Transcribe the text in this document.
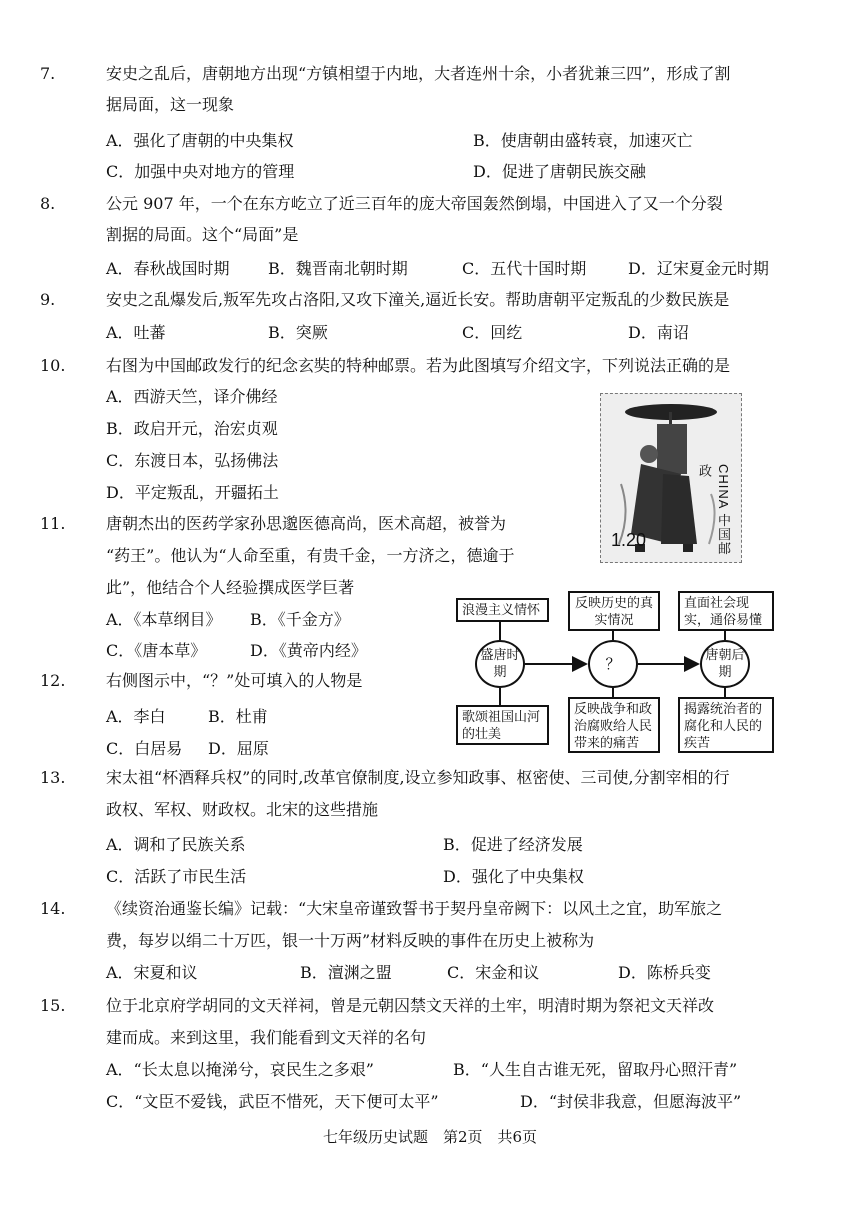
7.	安史之乱后，唐朝地方出现“方镇相望于内地，大者连州十余，小者犹兼三四”，形成了割
据局面，这一现象
A．强化了唐朝的中央集权	B．使唐朝由盛转衰，加速灭亡
C．加强中央对地方的管理	D．促进了唐朝民族交融
8.	公元 907 年，一个在东方屹立了近三百年的庞大帝国轰然倒塌，中国进入了又一个分裂
割据的局面。这个“局面”是
A．春秋战国时期 B．魏晋南北朝时期	C．五代十国时期	D．辽宋夏金元时期
9.	安史之乱爆发后,叛军先攻占洛阳,又攻下潼关,逼近长安。帮助唐朝平定叛乱的少数民族是
A．吐蕃	B．突厥	C．回纥	D．南诏
10.	右图为中国邮政发行的纪念玄奘的特种邮票。若为此图填写介绍文字，下列说法正确的是
A．西游天竺，译介佛经
B．政启开元，治宏贞观
C．东渡日本，弘扬佛法
D．平定叛乱，开疆拓土
1.20	CHINA 中国邮政
11.	唐朝杰出的医药学家孙思邈医德高尚，医术高超，被誉为
“药王”。他认为“人命至重，有贵千金，一方济之，德逾于
此”，他结合个人经验撰成医学巨著
A．《本草纲目》 B．《千金方》
C．《唐本草》	D．《黄帝内经》
12.	右侧图示中，“？”处可填入的人物是
A．李白	B．杜甫
C．白居易 D．屈原
浪漫主义情怀	反映历史的真实情况
直面社会现实，通俗易懂
盛唐时期	？	唐朝后期
歌颂祖国山河的壮美
反映战争和政治腐败给人民带来的痛苦
揭露统治者的腐化和人民的疾苦
13.	宋太祖“杯酒释兵权”的同时,改革官僚制度,设立参知政事、枢密使、三司使,分割宰相的行
政权、军权、财政权。北宋的这些措施
A．调和了民族关系	B．促进了经济发展
C．活跃了市民生活	D．强化了中央集权
14.	《续资治通鉴长编》记载：“大宋皇帝谨致誓书于契丹皇帝阙下：以风土之宜，助军旅之
费，每岁以绢二十万匹，银一十万两”材料反映的事件在历史上被称为
A．宋夏和议	B．澶渊之盟	C．宋金和议	D．陈桥兵变
15.	位于北京府学胡同的文天祥祠，曾是元朝囚禁文天祥的土牢，明清时期为祭祀文天祥改
建而成。来到这里，我们能看到文天祥的名句
A．“长太息以掩涕兮，哀民生之多艰”	B．“人生自古谁无死，留取丹心照汗青”
C．“文臣不爱钱，武臣不惜死，天下便可太平”	D．“封侯非我意，但愿海波平”
七年级历史试题　第2页　共6页
